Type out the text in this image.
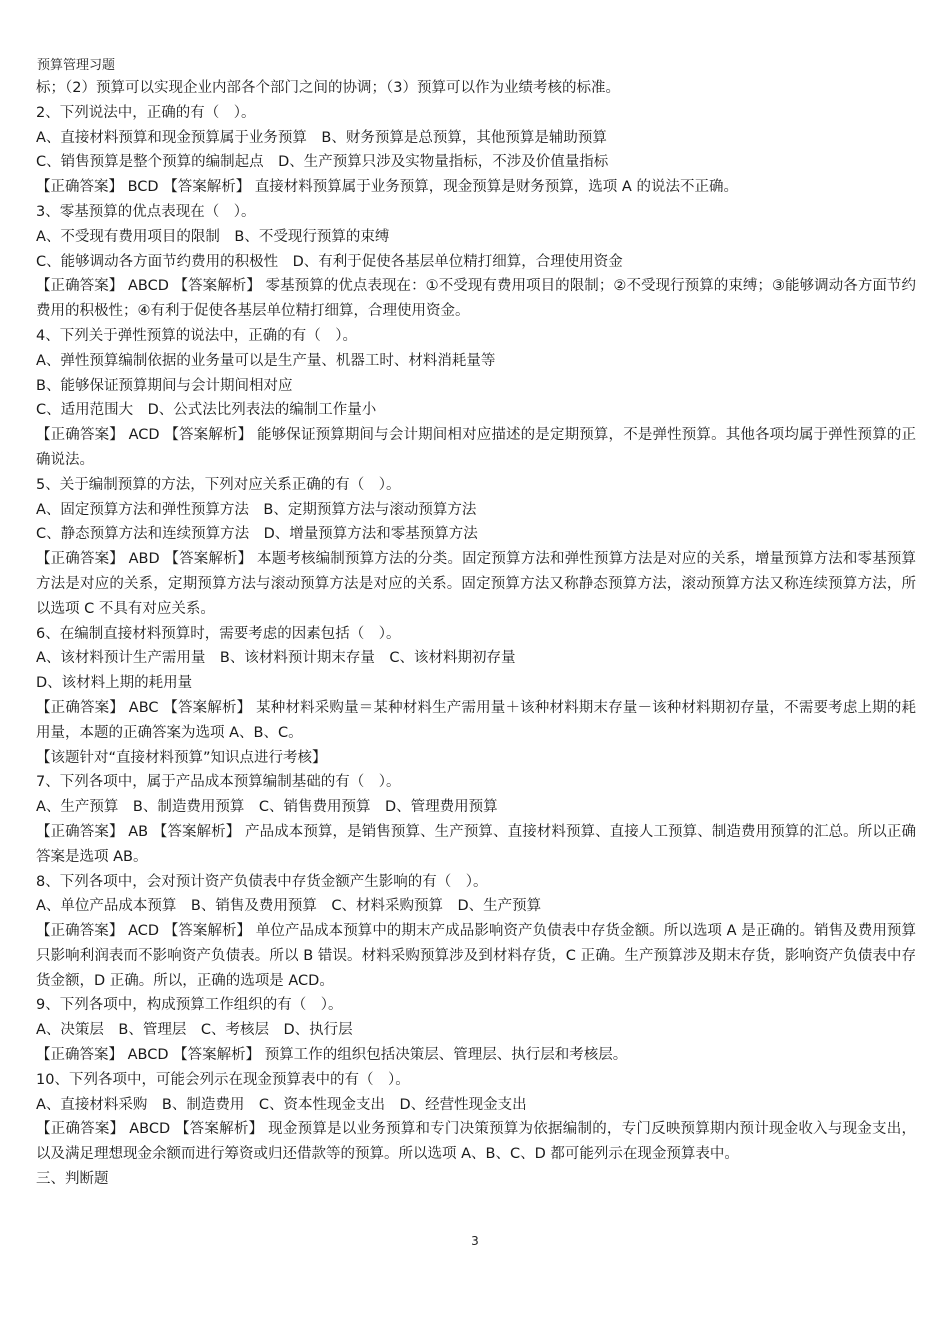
预算管理习题
标；（2）预算可以实现企业内部各个部门之间的协调；（3）预算可以作为业绩考核的标准。
2、下列说法中，正确的有（　）。
A、直接材料预算和现金预算属于业务预算　B、财务预算是总预算，其他预算是辅助预算
C、销售预算是整个预算的编制起点　D、生产预算只涉及实物量指标，不涉及价值量指标
【正确答案】 BCD 【答案解析】 直接材料预算属于业务预算，现金预算是财务预算，选项 A 的说法不正确。
3、零基预算的优点表现在（　）。
A、不受现有费用项目的限制　B、不受现行预算的束缚
C、能够调动各方面节约费用的积极性　D、有利于促使各基层单位精打细算，合理使用资金
【正确答案】 ABCD 【答案解析】 零基预算的优点表现在：①不受现有费用项目的限制；②不受现行预算的束缚；③能够调动各方面节约费用的积极性；④有利于促使各基层单位精打细算，合理使用资金。
4、下列关于弹性预算的说法中，正确的有（　）。
A、弹性预算编制依据的业务量可以是生产量、机器工时、材料消耗量等
B、能够保证预算期间与会计期间相对应
C、适用范围大　D、公式法比列表法的编制工作量小
【正确答案】 ACD 【答案解析】 能够保证预算期间与会计期间相对应描述的是定期预算，不是弹性预算。其他各项均属于弹性预算的正确说法。
5、关于编制预算的方法，下列对应关系正确的有（　）。
A、固定预算方法和弹性预算方法　B、定期预算方法与滚动预算方法
C、静态预算方法和连续预算方法　D、增量预算方法和零基预算方法
【正确答案】 ABD 【答案解析】 本题考核编制预算方法的分类。固定预算方法和弹性预算方法是对应的关系，增量预算方法和零基预算方法是对应的关系，定期预算方法与滚动预算方法是对应的关系。固定预算方法又称静态预算方法，滚动预算方法又称连续预算方法，所以选项 C 不具有对应关系。
6、在编制直接材料预算时，需要考虑的因素包括（　）。
A、该材料预计生产需用量　B、该材料预计期末存量　C、该材料期初存量
D、该材料上期的耗用量
【正确答案】 ABC 【答案解析】 某种材料采购量＝某种材料生产需用量＋该种材料期末存量－该种材料期初存量，不需要考虑上期的耗用量，本题的正确答案为选项 A、B、C。
【该题针对“直接材料预算”知识点进行考核】
7、下列各项中，属于产品成本预算编制基础的有（　）。
A、生产预算　B、制造费用预算　C、销售费用预算　D、管理费用预算
【正确答案】 AB 【答案解析】 产品成本预算，是销售预算、生产预算、直接材料预算、直接人工预算、制造费用预算的汇总。所以正确答案是选项 AB。
8、下列各项中，会对预计资产负债表中存货金额产生影响的有（　）。
A、单位产品成本预算　B、销售及费用预算　C、材料采购预算　D、生产预算
【正确答案】 ACD 【答案解析】 单位产品成本预算中的期末产成品影响资产负债表中存货金额。所以选项 A 是正确的。销售及费用预算只影响利润表而不影响资产负债表。所以 B 错误。材料采购预算涉及到材料存货，C 正确。生产预算涉及期末存货，影响资产负债表中存货金额，D 正确。所以，正确的选项是 ACD。
9、下列各项中，构成预算工作组织的有（　）。
A、决策层　B、管理层　C、考核层　D、执行层
【正确答案】 ABCD 【答案解析】 预算工作的组织包括决策层、管理层、执行层和考核层。
10、下列各项中，可能会列示在现金预算表中的有（　）。
A、直接材料采购　B、制造费用　C、资本性现金支出　D、经营性现金支出
【正确答案】 ABCD 【答案解析】 现金预算是以业务预算和专门决策预算为依据编制的，专门反映预算期内预计现金收入与现金支出，以及满足理想现金余额而进行筹资或归还借款等的预算。所以选项 A、B、C、D 都可能列示在现金预算表中。
三、判断题
3
